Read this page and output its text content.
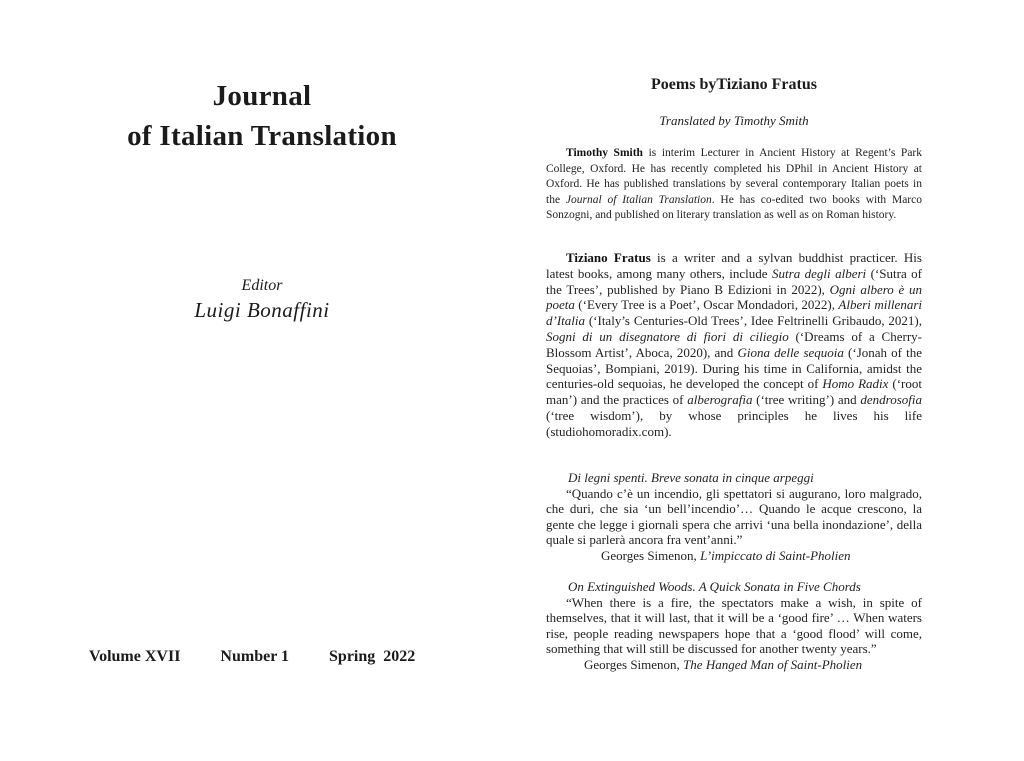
Journal
of Italian Translation
Editor
Luigi Bonaffini
Volume XVII	Number 1	Spring  2022
Poems byTiziano Fratus
Translated by Timothy Smith

Timothy Smith is interim Lecturer in Ancient History at Regent’s Park College, Oxford. He has recently completed his DPhil in Ancient History at Oxford. He has published translations by several contemporary Italian poets in the Journal of Italian Translation. He has co-edited two books with Marco Sonzogni, and published on literary translation as well as on Roman history.

Tiziano Fratus is a writer and a sylvan buddhist practicer. His latest books, among many others, include Sutra degli alberi (‘Sutra of the Trees’, published by Piano B Edizioni in 2022), Ogni albero è un poeta (‘Every Tree is a Poet’, Oscar Mondadori, 2022), Alberi millenari d’Italia (‘Italy’s Centuries-Old Trees’, Idee Feltrinelli Gribaudo, 2021), Sogni di un disegnatore di fiori di ciliegio (‘Dreams of a Cherry-Blossom Artist’, Aboca, 2020), and Giona delle sequoia (‘Jonah of the Sequoias’, Bompiani, 2019). During his time in California, amidst the centuries-old sequoias, he developed the concept of Homo Radix (‘root man’) and the practices of alberografia (‘tree writing’) and dendrosofia (‘tree wisdom’), by whose principles he lives his life (studiohomoradix.com).

Di legni spenti. Breve sonata in cinque arpeggi
“Quando c’è un incendio, gli spettatori si augurano, loro malgrado, che duri, che sia ‘un bell’incendio’… Quando le acque crescono, la gente che legge i giornali spera che arrivi ‘una bella inondazione’, della quale si parlerà ancora fra vent’anni.”
Georges Simenon, L’impiccato di Saint-Pholien
On Extinguished Woods. A Quick Sonata in Five Chords
“When there is a fire, the spectators make a wish, in spite of themselves, that it will last, that it will be a ‘good fire’ … When waters rise, people reading newspapers hope that a ‘good flood’ will come, something that will still be discussed for another twenty years.”
Georges Simenon, The Hanged Man of Saint-Pholien
